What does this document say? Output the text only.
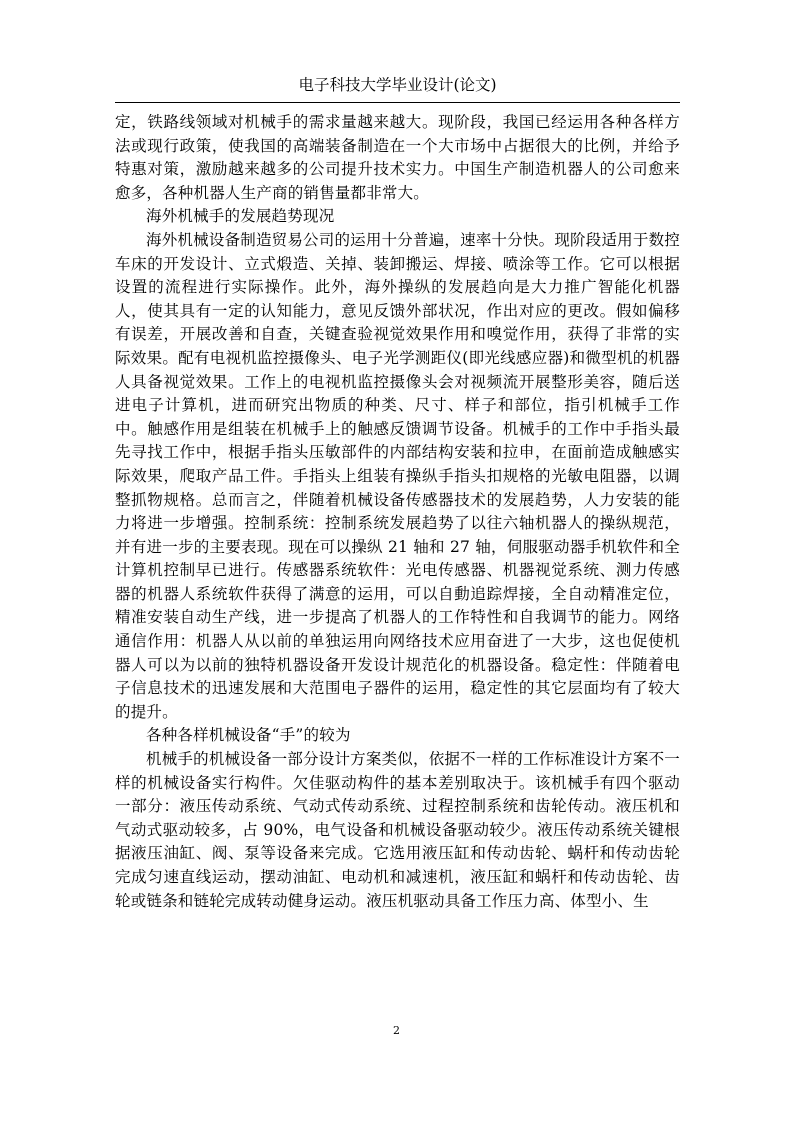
电子科技大学毕业设计(论文)

定，铁路线领域对机械手的需求量越来越大。现阶段，我国已经运用各种各样方法或现行政策，使我国的高端装备制造在一个大市场中占据很大的比例，并给予特惠对策，激励越来越多的公司提升技术实力。中国生产制造机器人的公司愈来愈多，各种机器人生产商的销售量都非常大。

海外机械手的发展趋势现况

海外机械设备制造贸易公司的运用十分普遍，速率十分快。现阶段适用于数控车床的开发设计、立式煅造、关掉、装卸搬运、焊接、喷涂等工作。它可以根据设置的流程进行实际操作。此外，海外操纵的发展趋向是大力推广智能化机器人，使其具有一定的认知能力，意见反馈外部状况，作出对应的更改。假如偏移有误差，开展改善和自查，关键查验视觉效果作用和嗅觉作用，获得了非常的实际效果。配有电视机监控摄像头、电子光学测距仪(即光线感应器)和微型机的机器人具备视觉效果。工作上的电视机监控摄像头会对视频流开展整形美容，随后送进电子计算机，进而研究出物质的种类、尺寸、样子和部位，指引机械手工作中。触感作用是组装在机械手上的触感反馈调节设备。机械手的工作中手指头最先寻找工作中，根据手指头压敏部件的内部结构安装和拉申，在面前造成触感实际效果，爬取产品工件。手指头上组装有操纵手指头扣规格的光敏电阻器，以调整抓物规格。总而言之，伴随着机械设备传感器技术的发展趋势，人力安装的能力将进一步增强。控制系统：控制系统发展趋势了以往六轴机器人的操纵规范，并有进一步的主要表现。现在可以操纵 21 轴和 27 轴，伺服驱动器手机软件和全计算机控制早已进行。传感器系统软件：光电传感器、机器视觉系统、测力传感器的机器人系统软件获得了满意的运用，可以自動追踪焊接，全自动精准定位，精准安装自动生产线，进一步提高了机器人的工作特性和自我调节的能力。网络通信作用：机器人从以前的单独运用向网络技术应用奋进了一大步，这也促使机器人可以为以前的独特机器设备开发设计规范化的机器设备。稳定性：伴随着电子信息技术的迅速发展和大范围电子器件的运用，稳定性的其它层面均有了较大的提升。

各种各样机械设备“手”的较为

机械手的机械设备一部分设计方案类似，依据不一样的工作标准设计方案不一样的机械设备实行构件。欠佳驱动构件的基本差别取决于。该机械手有四个驱动一部分：液压传动系统、气动式传动系统、过程控制系统和齿轮传动。液压机和气动式驱动较多，占 90%，电气设备和机械设备驱动较少。液压传动系统关键根据液压油缸、阀、泵等设备来完成。它选用液压缸和传动齿轮、蜗杆和传动齿轮完成匀速直线运动，摆动油缸、电动机和减速机，液压缸和蜗杆和传动齿轮、齿轮或链条和链轮完成转动健身运动。液压机驱动具备工作压力高、体型小、生

2
